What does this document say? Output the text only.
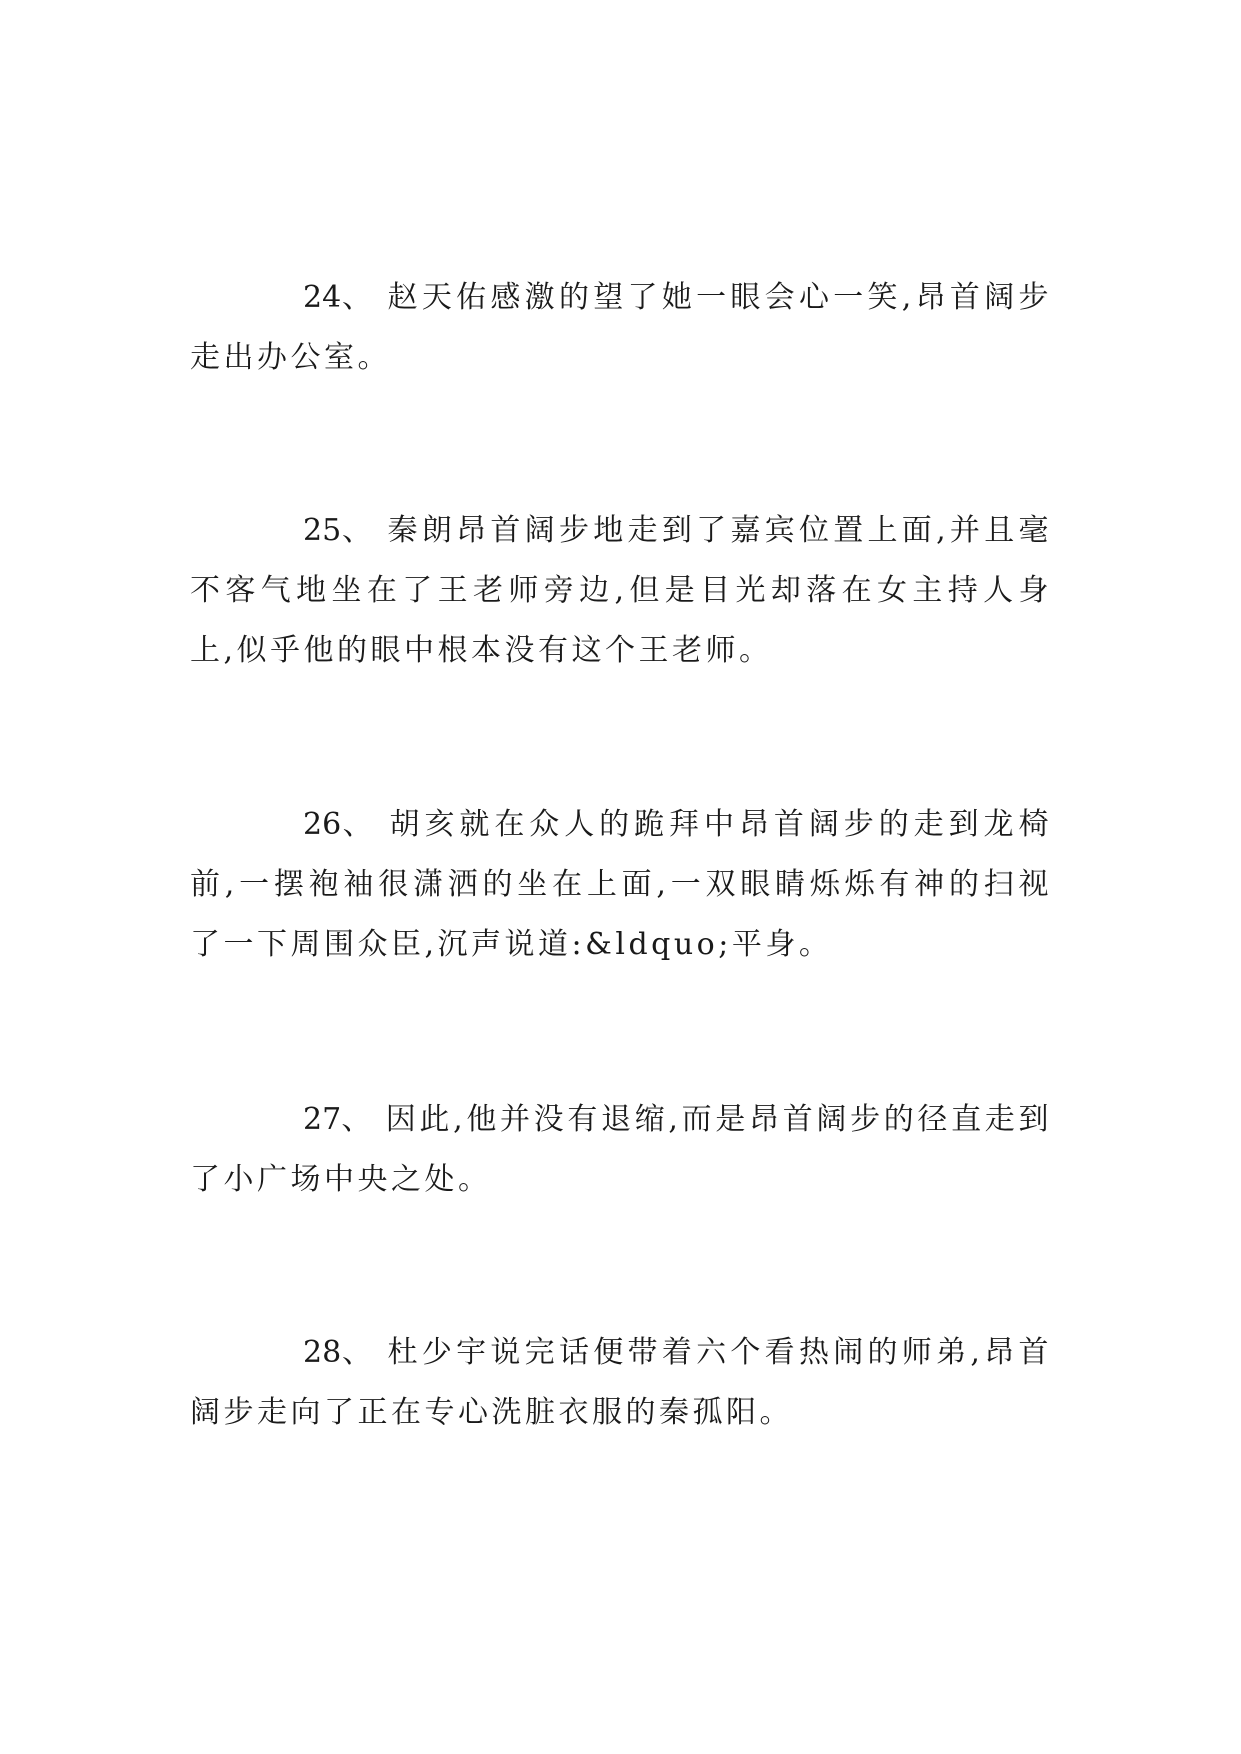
24、 赵天佑感激的望了她一眼会心一笑,昂首阔步走出办公室。

25、 秦朗昂首阔步地走到了嘉宾位置上面,并且毫不客气地坐在了王老师旁边,但是目光却落在女主持人身上,似乎他的眼中根本没有这个王老师。

26、 胡亥就在众人的跪拜中昂首阔步的走到龙椅前,一摆袍袖很潇洒的坐在上面,一双眼睛烁烁有神的扫视了一下周围众臣,沉声说道:&ldquo;平身。

27、 因此,他并没有退缩,而是昂首阔步的径直走到了小广场中央之处。

28、 杜少宇说完话便带着六个看热闹的师弟,昂首阔步走向了正在专心洗脏衣服的秦孤阳。
